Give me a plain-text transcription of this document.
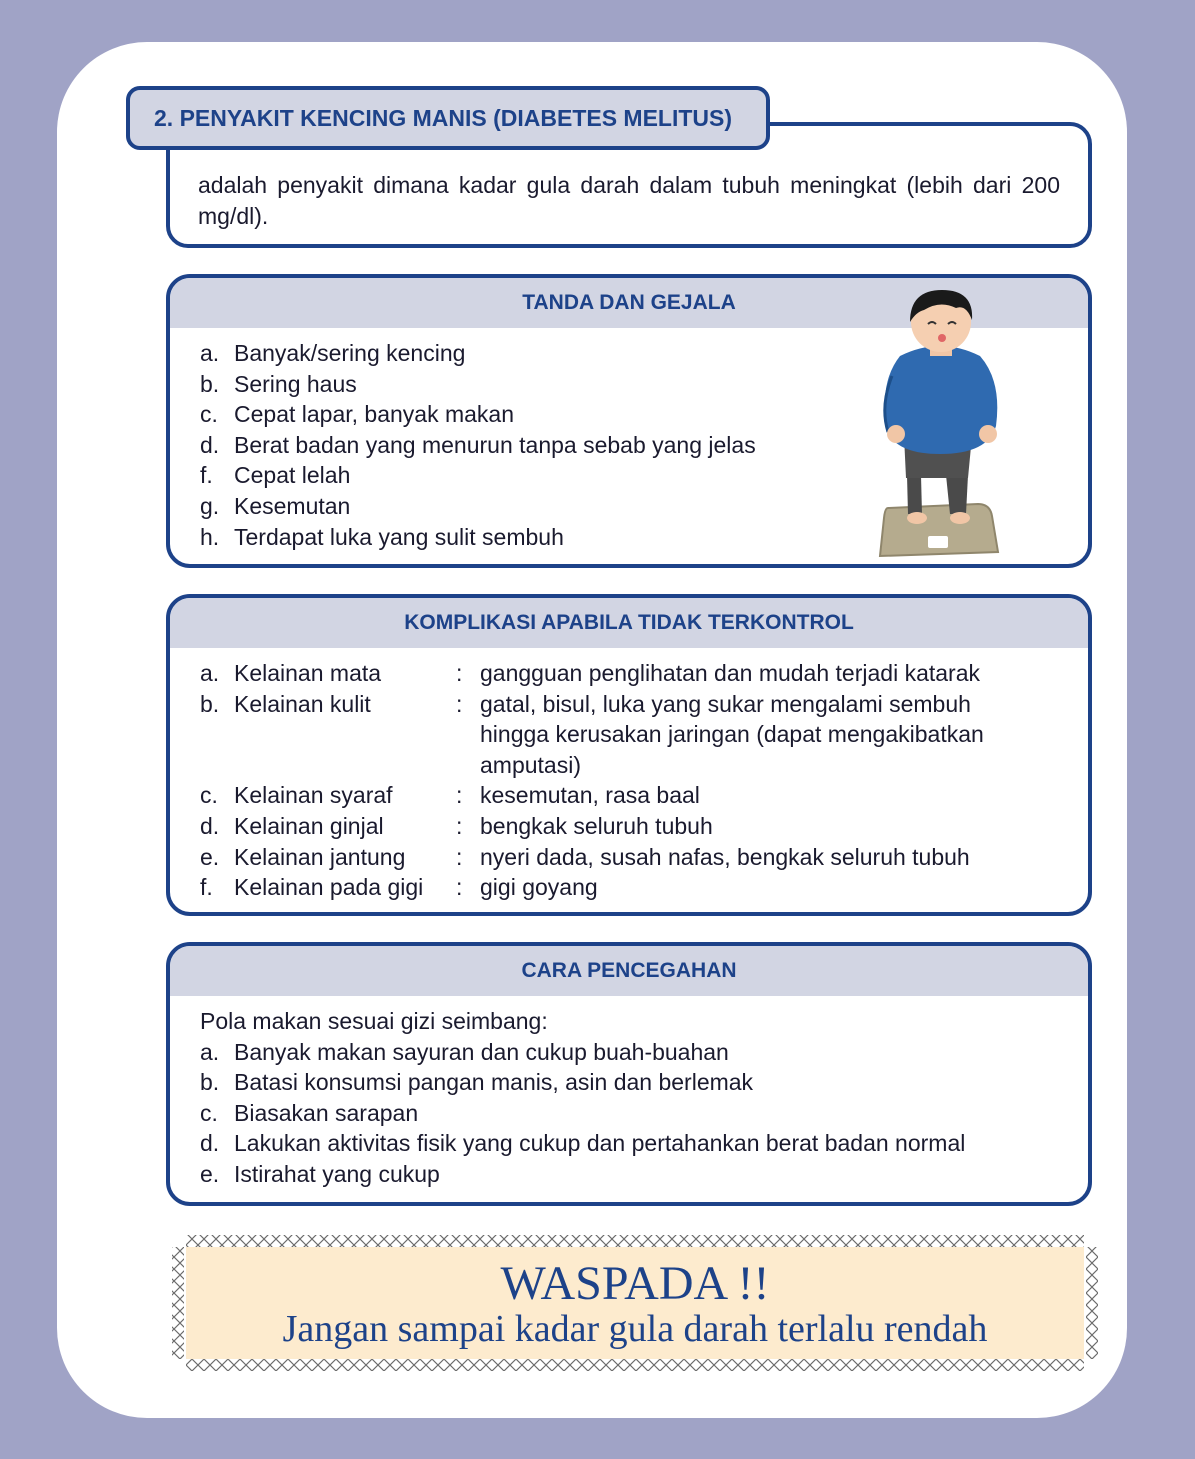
2. PENYAKIT KENCING MANIS (DIABETES MELITUS)
adalah penyakit dimana kadar gula darah dalam tubuh meningkat (lebih dari 200 mg/dl).
TANDA DAN GEJALA
a. Banyak/sering kencing
b. Sering haus
c. Cepat lapar, banyak makan
d. Berat badan yang menurun tanpa sebab yang jelas
f. Cepat lelah
g. Kesemutan
h. Terdapat luka yang sulit sembuh
KOMPLIKASI APABILA TIDAK TERKONTROL
a. Kelainan mata	: gangguan penglihatan dan mudah terjadi katarak
b. Kelainan kulit	: gatal, bisul, luka yang sukar mengalami sembuh hingga kerusakan jaringan (dapat mengakibatkan amputasi)
c. Kelainan syaraf	: kesemutan, rasa baal
d. Kelainan ginjal	: bengkak seluruh tubuh
e. Kelainan jantung	: nyeri dada, susah nafas, bengkak seluruh tubuh
f. Kelainan pada gigi	: gigi goyang
CARA PENCEGAHAN
Pola makan sesuai gizi seimbang:
a. Banyak makan sayuran dan cukup buah-buahan
b. Batasi konsumsi pangan manis, asin dan berlemak
c. Biasakan sarapan
d. Lakukan aktivitas fisik yang cukup dan pertahankan berat badan normal
e. Istirahat yang cukup
WASPADA !!
Jangan sampai kadar gula darah terlalu rendah
